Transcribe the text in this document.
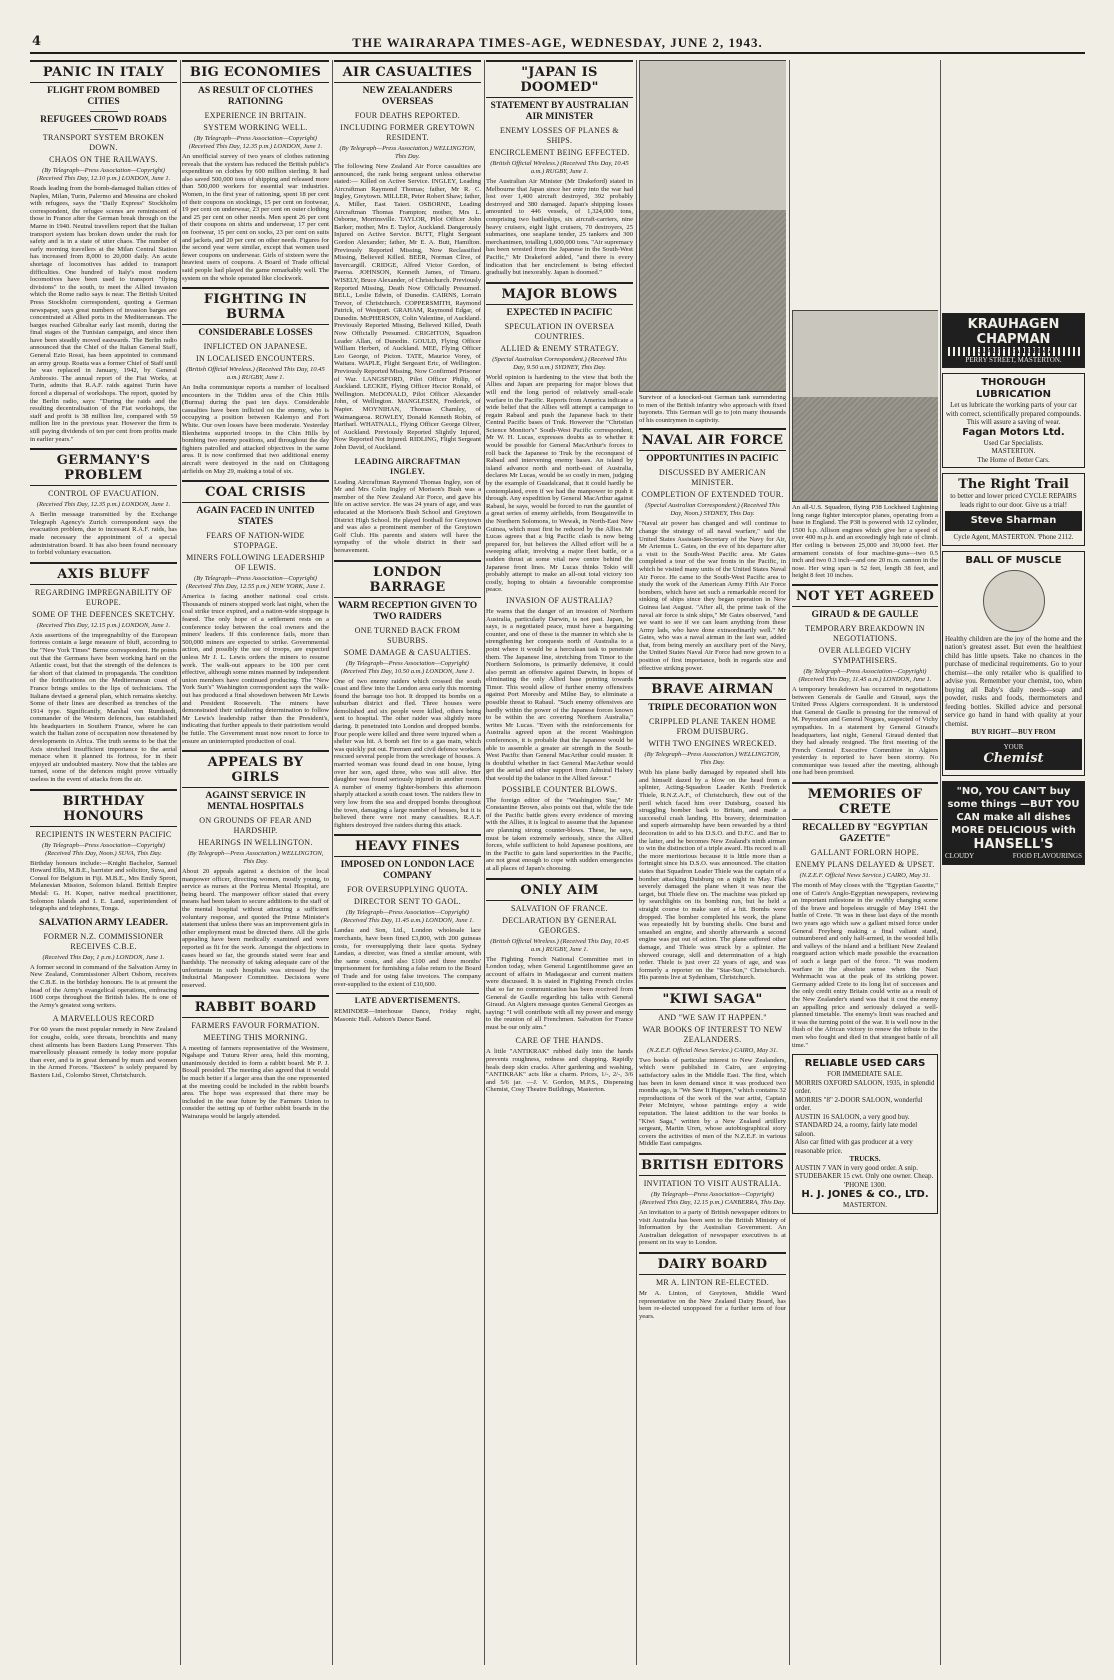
4	THE WAIRARAPA TIMES-AGE, WEDNESDAY, JUNE 2, 1943.
PANIC IN ITALY
FLIGHT FROM BOMBED CITIES
REFUGEES CROWD ROADS
TRANSPORT SYSTEM BROKEN DOWN.
CHAOS ON THE RAILWAYS.
(By Telegraph—Press Association—Copyright) (Received This Day, 12.10 p.m.) LONDON, June 1.

Roads leading from the bomb-damaged Italian cities of Naples, Milan, Turin, Palermo and Messina are choked with refugees, says the "Daily Express" Stockholm correspondent, the refugee scenes are reminiscent of those in France after the German break through on the Marne in 1940. Neutral travellers report that the Italian transport system has broken down under the rush for safety and is in a state of utter chaos. The number of early morning travellers at the Milan Central Station has increased from 8,000 to 20,000 daily. An acute shortage of locomotives has added to transport difficulties. One hundred of Italy's most modern locomotives have been used to transport "flying divisions" to the south, to meet the Allied invasion which the Rome radio says is near. The British United Press Stockholm correspondent, quoting a German newspaper, says great numbers of invasion barges are concentrated at Allied ports in the Mediterranean. The barges reached Gibraltar early last month, during the final stages of the Tunisian campaign, and since then have been steadily moved eastwards. The Berlin radio announced that the Chief of the Italian General Staff, General Ezio Rossi, has been appointed to command an army group. Roatta was a former Chief of Staff until he was replaced in January, 1942, by General Ambrosio. The annual report of the Fiat Works, at Turin, admits that R.A.F. raids against Turin have forced a dispersal of workshops. The report, quoted by the Berlin radio, says: "During the raids and the resulting decentralisation of the Fiat workshops, the staff and profit is 38 million lire, compared with 59 million lire in the previous year. However the firm is still paying dividends of ten per cent from profits made in earlier years."

GERMANY'S PROBLEM
CONTROL OF EVACUATION.
(Received This Day, 12.35 p.m.) LONDON, June 1.

A Berlin message transmitted by the Exchange Telegraph Agency's Zurich correspondent says the evacuation problem, due to incessant R.A.F. raids, has made necessary the appointment of a special administration board. It has also been found necessary to forbid voluntary evacuation.

AXIS BLUFF
REGARDING IMPREGNABILITY OF EUROPE.
SOME OF THE DEFENCES SKETCHY.
(Received This Day, 12.15 p.m.) LONDON, June 1.

Axis assertions of the impregnability of the European fortress contain a large measure of bluff, according to the "New York Times" Berne correspondent. He points out that the Germans have been working hard on the Atlantic coast, but that the strength of the defences is far short of that claimed in propaganda. The condition of the fortifications on the Mediterranean coast of France brings smiles to the lips of technicians. The Italians devised a general plan, which remains sketchy. Some of their lines are described as trenches of the 1914 type. Significantly, Marshal von Rundstedt, commander of the Western defences, has established his headquarters in Southern France, where he can watch the Italian zone of occupation now threatened by developments in Africa. The truth seems to be that the Axis stretched insufficient importance to the aerial menace when it planned its fortress, for in their enjoyed air undoubted mastery. Now that the tables are turned, some of the defences might prove virtually useless in the event of attacks from the air.

BIRTHDAY HONOURS
RECIPIENTS IN WESTERN PACIFIC
(By Telegraph—Press Association—Copyright) (Received This Day, Noon.) SUVA, This Day.

Birthday honours include:—Knight Bachelor, Samuel Howard Ellis, M.B.E., barrister and solicitor, Suva, and Consul for Belgium in Fiji. M.B.E., Mrs Emily Sprott, Melanesian Mission, Solomon Island. British Empire Medal: G. H. Kuper, native medical practitioner, Solomon Islands and I. E. Land, superintendent of telegraphs and telephones, Tonga.

SALVATION ARMY LEADER.
FORMER N.Z. COMMISSIONER RECEIVES C.B.E.
(Received This Day, 1 p.m.) LONDON, June 1.

A former second in command of the Salvation Army in New Zealand, Commissioner Albert Osborn, receives the C.B.E. in the birthday honours. He is at present the head of the Army's evangelical operations, embracing 1600 corps throughout the British Isles. He is one of the Army's greatest song writers.

A MARVELLOUS RECORD

For 60 years the most popular remedy in New Zealand for coughs, colds, sore throats, bronchitis and many chest ailments has been Baxters Lung Preserver. This marvellously pleasant remedy is today more popular than ever, and is in great demand by mum and women in the Armed Forces. "Baxters" is solely prepared by Baxters Ltd., Colombo Street, Christchurch.

BIG ECONOMIES
AS RESULT OF CLOTHES RATIONING
EXPERIENCE IN BRITAIN.
SYSTEM WORKING WELL.
(By Telegraph—Press Association—Copyright) (Received This Day, 12.35 p.m.) LONDON, June 1.

An unofficial survey of two years of clothes rationing reveals that the system has reduced the British public's expenditure on clothes by 600 million sterling. It had also saved 500,000 tons of shipping and released more than 500,000 workers for essential war industries. Women, in the first year of rationing, spent 18 per cent of their coupons on stockings, 15 per cent on footwear, 19 per cent on underwear, 23 per cent on outer clothing and 25 per cent on other needs. Men spent 26 per cent of their coupons on shirts and underwear, 17 per cent on footwear, 15 per cent on socks, 23 per cent on suits and jackets, and 20 per cent on other needs. Figures for the second year were similar, except that women used fewer coupons on underwear. Girls of sixteen were the heaviest users of coupons. A Board of Trade official said people had played the game remarkably well. The system on the whole operated like clockwork.

FIGHTING IN BURMA
CONSIDERABLE LOSSES
INFLICTED ON JAPANESE.
IN LOCALISED ENCOUNTERS.
(British Official Wireless.) (Received This Day, 10.45 a.m.) RUGBY, June 1.

An India communique reports a number of localised encounters in the Tiddim area of the Chin Hills (Burma) during the past ten days. Considerable casualties have been inflicted on the enemy, who is occupying a position between Kalemyo and Fort White. Our own losses have been moderate. Yesterday Blenheims supported troops in the Chin Hills by bombing two enemy positions, and throughout the day fighters patrolled and attacked objectives in the same area. It is now confirmed that two additional enemy aircraft were destroyed in the raid on Chittagong airfields on May 29, making a total of six.

COAL CRISIS
AGAIN FACED IN UNITED STATES
FEARS OF NATION-WIDE STOPPAGE.
MINERS FOLLOWING LEADERSHIP OF LEWIS.
(By Telegraph—Press Association—Copyright) (Received This Day, 12.55 p.m.) NEW YORK, June 1.

America is facing another national coal crisis. Thousands of miners stopped work last night, when the coal strike truce expired, and a nation-wide stoppage is feared. The only hope of a settlement rests on a conference today between the coal owners and the miners' leaders. If this conference fails, more than 500,000 miners are expected to strike. Governmental action, and possibly the use of troops, are expected unless Mr J. L. Lewis orders the miners to resume work. The walk-out appears to be 100 per cent effective, although some mines manned by independent union members have continued producing. The "New York Sun's" Washington correspondent says the walk-out has produced a final showdown between Mr Lewis and President Roosevelt. The miners have demonstrated their unfaltering determination to follow Mr Lewis's leadership rather than the President's, indicating that further appeals to their patriotism would be futile. The Government must now resort to force to ensure an uninterrupted production of coal.

APPEALS BY GIRLS
AGAINST SERVICE IN MENTAL HOSPITALS
ON GROUNDS OF FEAR AND HARDSHIP.
HEARINGS IN WELLINGTON.
(By Telegraph—Press Association.) WELLINGTON, This Day.

About 20 appeals against a decision of the local manpower officer, directing women, mostly young, to service as nurses at the Porirua Mental Hospital, are being heard. The manpower officer stated that every means had been taken to secure additions to the staff of the mental hospital without attracting a sufficient voluntary response, and quoted the Prime Minister's statement that unless there was an improvement girls in other employment must be directed there. All the girls appealing have been medically examined and were reported as fit for the work. Amongst the objections in cases heard so far, the grounds stated were fear and hardship. The necessity of taking adequate care of the unfortunate in such hospitals was stressed by the Industrial Manpower Committee. Decisions were reserved.

RABBIT BOARD
FARMERS FAVOUR FORMATION.
MEETING THIS MORNING.

A meeting of farmers representative of the Westmere, Ngahape and Tuturu River area, held this morning, unanimously decided to form a rabbit board. Mr P. J. Boxall presided. The meeting also agreed that it would be much better if a larger area than the one represented at the meeting could be included in the rabbit board's area. The hope was expressed that there may be included in the near future by the Farmers Union to consider the setting up of further rabbit boards in the Wairarapa would be largely attended.

AIR CASUALTIES
NEW ZEALANDERS OVERSEAS
FOUR DEATHS REPORTED.
INCLUDING FORMER GREYTOWN RESIDENT.
(By Telegraph—Press Association.) WELLINGTON, This Day.

The following New Zealand Air Force casualties are announced, the rank being sergeant unless otherwise stated:— Killed on Active Service. INGLEY, Leading Aircraftman Raymond Thomas; father, Mr R. C. Ingley, Greytown. MILLER, Peter Robert Shaw; father, A. Miller, East Taieri. OSBORNE, Leading Aircraftman Thomas Frampton; mother, Mrs L. Osborne, Morrinsville. TAYLOR, Pilot Officer John Barker; mother, Mrs E. Taylor, Auckland. Dangerously Injured on Active Service. BUTT, Flight Sergeant Gordon Alexander; father, Mr E. A. Butt, Hamilton. Previously Reported Missing, Now Reclassified Missing, Believed Killed. BEER, Norman Clive, of Invercargill. CRIDGE, Alfred Victor Gordon, of Paeroa. JOHNSON, Kenneth James, of Timaru. WISELY, Bruce Alexander, of Christchurch. Previously Reported Missing, Death Now Officially Presumed. BELL, Leslie Edwin, of Dunedin. CAIRNS, Lorrain Trevor, of Christchurch. COPPERSMITH, Raymond Patrick, of Westport. GRAHAM, Raymond Edgar, of Dunedin. McPHERSON, Colin Valentine, of Auckland. Previously Reported Missing, Believed Killed, Death Now Officially Presumed. CRIGHTON, Squadron Leader Allan, of Dunedin. GOULD, Flying Officer William Herbert, of Auckland. MEE, Flying Officer Leo George, of Picton. TATE, Maurice Vorey, of Waitara. WAPLE, Flight Sergeant Eric, of Wellington. Previously Reported Missing, Now Confirmed Prisoner of War. LANGSFORD, Pilot Officer Philip, of Auckland. LECKIE, Flying Officer Hector Ronald, of Wellington. McDONALD, Pilot Officer Alexander John, of Wellington. MANGLESEN, Frederick, of Napier. MOYNIHAN, Thomas Chamley, of Waimangaroa. ROWLEY, Donald Kenneth Robin, of Hariharl. WHATNALL, Flying Officer George Oliver, of Auckland. Previously Reported Slightly Injured, Now Reported Not Injured. RIDLING, Flight Sergeant John David, of Auckland.

LEADING AIRCRAFTMAN INGLEY.

Leading Aircraftman Raymond Thomas Ingley, son of Mr and Mrs Colin Ingley of Morison's Bush was a member of the New Zealand Air Force, and gave his life on active service. He was 24 years of age, and was educated at the Morison's Bush School and Greytown District High School. He played football for Greytown and was also a prominent member of the Greytown Golf Club. His parents and sisters will have the sympathy of the whole district in their sad bereavement.

LONDON BARRAGE
WARM RECEPTION GIVEN TO TWO RAIDERS
ONE TURNED BACK FROM SUBURBS.
SOME DAMAGE & CASUALTIES.
(By Telegraph—Press Association—Copyright) (Received This Day, 10.50 a.m.) LONDON, June 1.

One of two enemy raiders which crossed the south coast and flew into the London area early this morning found the barrage too hot. It dropped its bombs on a suburban district and fled. Three houses were demolished and six people were killed, others being sent to hospital. The other raider was slightly more daring. It penetrated into London and dropped bombs. Four people were killed and three were injured when a shelter was hit. A bomb set fire to a gas main, which was quickly put out. Firemen and civil defence workers rescued several people from the wreckage of houses. A married woman was found dead in one house, lying over her son, aged three, who was still alive. Her daughter was found seriously injured in another room. A number of enemy fighter-bombers this afternoon sharply attacked a south coast town. The raiders flew in very low from the sea and dropped bombs throughout the town, damaging a large number of houses, but it is believed there were not many casualties. R.A.F. fighters destroyed five raiders during this attack.

HEAVY FINES
IMPOSED ON LONDON LACE COMPANY
FOR OVERSUPPLYING QUOTA.
DIRECTOR SENT TO GAOL.
(By Telegraph—Press Association—Copyright) (Received This Day, 11.45 a.m.) LONDON, June 1.

Landau and Son, Ltd., London wholesale lace merchants, have been fined £3,800, with 200 guineas costs, for oversupplying their lace quota. Sydney Landau, a director, was fined a similar amount, with the same costs, and also £100 and three months' imprisonment for furnishing a false return to the Board of Trade and for using false invoices. The company over-supplied to the extent of £10,600.

LATE ADVERTISEMENTS.

REMINDER—Interhouse Dance, Friday night, Masonic Hall. Ashton's Dance Band.

"JAPAN IS DOOMED"
STATEMENT BY AUSTRALIAN AIR MINISTER
ENEMY LOSSES OF PLANES & SHIPS.
ENCIRCLEMENT BEING EFFECTED.
(British Official Wireless.) (Received This Day, 10.45 a.m.) RUGBY, June 1.

The Australian Air Minister (Mr Drakeford) stated in Melbourne that Japan since her entry into the war had lost over 1,400 aircraft destroyed, 392 probably destroyed and 380 damaged. Japan's shipping losses amounted to 446 vessels, of 1,324,000 tons, comprising two battleships, six aircraft-carriers, nine heavy cruisers, eight light cruisers, 70 destroyers, 25 submarines, one seaplane tender, 25 tankers and 300 merchantmen, totalling 1,600,000 tons. "Air supremacy has been wrested from the Japanese in the South-West Pacific," Mr Drakeford added, "and there is every indication that her encirclement is being effected gradually but inexorably. Japan is doomed."

MAJOR BLOWS
EXPECTED IN PACIFIC
SPECULATION IN OVERSEA COUNTRIES.
ALLIED & ENEMY STRATEGY.
(Special Australian Correspondent.) (Received This Day, 9.50 a.m.) SYDNEY, This Day.

World opinion is hardening to the view that both the Allies and Japan are preparing for major blows that will end the long period of relatively small-scale warfare in the Pacific. Reports from America indicate a wide belief that the Allies will attempt a campaign to regain Rabaul and push the Japanese back to their Central Pacific bases of Truk. However the "Christian Science Monitor's" South-West Pacific correspondent, Mr W. H. Lucas, expresses doubts as to whether it would be possible for General MacArthur's forces to roll back the Japanese to Truk by the reconquest of Rabaul and intervening enemy bases. An island by island advance north and north-east of Australia, declares Mr Lucas, would be so costly in men, judging by the example of Guadalcanal, that it could hardly be contemplated, even if we had the manpower to push it through. Any expedition by General MacArthur against Rabaul, he says, would be forced to run the gauntlet of a great series of enemy airfields, from Bougainville in the Northern Solomons, to Wewak, in North-East New Guinea, which must first be reduced by the Allies. Mr Lucas agrees that a big Pacific clash is now being prepared for, but believes the Allied effort will be a sweeping affair, involving a major fleet battle, or a sudden thrust at some vital new centre behind the Japanese front lines. Mr Lucas thinks Tokio will probably attempt to make an all-out total victory too costly, hoping to obtain a favourable compromise peace.

INVASION OF AUSTRALIA?

He warns that the danger of an invasion of Northern Australia, particularly Darwin, is not past. Japan, he says, is a negotiated peace, must have a bargaining counter, and one of these is the manner in which she is strengthening her conquests north of Australia to a point where it would be a herculean task to penetrate them. The Japanese line, stretching from Timor to the Northern Solomons, is primarily defensive, it could also permit an offensive against Darwin, in hopes of eliminating the only Allied base pointing towards Timor. This would allow of further enemy offensives against Port Moresby and Milne Bay, to eliminate a possible threat to Rabaul. "Such enemy offensives are hardly within the power of the Japanese forces known to be within the arc covering Northern Australia," writes Mr Lucas. "Even with the reinforcements for Australia agreed upon at the recent Washington conferences, it is probable that the Japanese would be able to assemble a greater air strength in the South-West Pacific than General MacArthur could muster. It is doubtful whether in fact General MacArthur would get the aerial and other support from Admiral Halsey that would tip the balance in the Allied favour."

POSSIBLE COUNTER BLOWS.

The foreign editor of the "Washington Star," Mr Constantine Brown, also points out that, while the tide of the Pacific battle gives every evidence of moving with the Allies, it is logical to assume that the Japanese are planning strong counter-blows. These, he says, must be taken extremely seriously, since the Allied forces, while sufficient to hold Japanese positions, are in the Pacific to gain land superiorities in the Pacific, are not great enough to cope with sudden emergencies at all places of Japan's choosing.

ONLY AIM
SALVATION OF FRANCE.
DECLARATION BY GENERAL GEORGES.
(British Official Wireless.) (Received This Day, 10.45 a.m.) RUGBY, June 1.

The Fighting French National Committee met in London today, when General Legentilhomme gave an account of affairs in Madagascar and current matters were discussed. It is stated in Fighting French circles that so far no communication has been received from General de Gaulle regarding his talks with General Giraud. An Algiers message quotes General Georges as saying: "I will contribute with all my power and energy to the reunion of all Frenchmen. Salvation for France must be our only aim."

CARE OF THE HANDS.

A little "ANTIKRAK" rubbed daily into the hands prevents roughness, redness and chapping. Rapidly heals deep skin cracks. After gardening and washing, "ANTIKRAK" acts like a charm. Prices, 1/-, 2/-, 3/6 and 5/6 jar. —J. V. Gordon, M.P.S., Dispensing Chemist, Cosy Theatre Buildings, Masterton.

Survivor of a knocked-out German tank surrendering to men of the British infantry who approach with fixed bayonets. This German will go to join many thousands of his countrymen in captivity.
NAVAL AIR FORCE
OPPORTUNITIES IN PACIFIC
DISCUSSED BY AMERICAN MINISTER.
COMPLETION OF EXTENDED TOUR.
(Special Australian Correspondent.) (Received This Day, Noon.) SYDNEY, This Day.

"Naval air power has changed and will continue to change the strategy of all naval warfare," said the United States Assistant-Secretary of the Navy for Air, Mr Artemus L. Gates, on the eve of his departure after a visit to the South-West Pacific area. Mr Gates completed a tour of the war fronts in the Pacific, in which he visited many units of the United States Naval Air Force. He came to the South-West Pacific area to study the work of the American Army Fifth Air Force bombers, which have set such a remarkable record for sinking of ships since they began operation in New Guinea last August. "After all, the prime task of the naval air force is sink ships," Mr Gates observed, "and we want to see if we can learn anything from these Army lads, who have done extraordinarily well." Mr Gates, who was a naval airman in the last war, added that, from being merely an auxiliary port of the Navy, the United States Naval Air Force had now grown to a position of first importance, both in regards size and effective striking power.

BRAVE AIRMAN
TRIPLE DECORATION WON
CRIPPLED PLANE TAKEN HOME FROM DUISBURG.
WITH TWO ENGINES WRECKED.
(By Telegraph—Press Association.) WELLINGTON, This Day.

With his plane badly damaged by repeated shell hits and himself dazed by a blow on the head from a splinter, Acting-Squadron Leader Keith Frederick Thiele, R.N.Z.A.F., of Christchurch, flew out of the peril which faced him over Duisburg, coaxed his struggling bomber back to Britain, and made a successful crash landing. His bravery, determination and superb airmanship have been rewarded by a third decoration to add to his D.S.O. and D.F.C. and Bar to the latter, and he becomes New Zealand's ninth airman to win the distinction of a triple award. His record is all the more meritorious because it is little more than a fortnight since his D.S.O. was announced. The citation states that Squadron Leader Thiele was the captain of a bomber attacking Duisburg on a night in May. Flak severely damaged the plane when it was near the target, but Thiele flew on. The machine was picked up by searchlights on its bombing run, but he held a straight course to make sure of a hit. Bombs were dropped. The bomber completed his work, the plane was repeatedly hit by bursting shells. One burst and smashed an engine, and shortly afterwards a second engine was put out of action. The plane suffered other damage, and Thiele was struck by a splinter. He showed courage, skill and determination of a high order. Thiele is just over 22 years of age, and was formerly a reporter on the "Star-Sun," Christchurch. His parents live at Sydenham, Christchurch.

"KIWI SAGA"
AND "WE SAW IT HAPPEN."
WAR BOOKS OF INTEREST TO NEW ZEALANDERS.
(N.Z.E.F. Official News Service.) CAIRO, May 31.

Two books of particular interest to New Zealanders, which were published in Cairo, are enjoying satisfactory sales in the Middle East. The first, which has been in keen demand since it was produced two months ago, is "We Saw It Happen," which contains 32 reproductions of the work of the war artist, Captain Peter McIntyre, whose paintings enjoy a wide reputation. The latest addition to the war books is "Kiwi Saga," written by a New Zealand artillery sergeant, Martin Uren, whose autobiographical story covers the activities of men of the N.Z.E.F. in various Middle East campaigns.

BRITISH EDITORS
INVITATION TO VISIT AUSTRALIA.
(By Telegraph—Press Association—Copyright) (Received This Day, 12.15 p.m.) CANBERRA, This Day.

An invitation to a party of British newspaper editors to visit Australia has been sent to the British Ministry of Information by the Australian Government. An Australian delegation of newspaper executives is at present on its way to London.

DAIRY BOARD
MR A. LINTON RE-ELECTED.

Mr A. Linton, of Greytown, Middle Ward representative on the New Zealand Dairy Board, has been re-elected unopposed for a further term of four years.

An all-U.S. Squadron, flying P38 Lockheed Lightning long range fighter interceptor planes, operating from a base in England. The P38 is powered with 12 cylinder, 1500 h.p. Allison engines which give her a speed of over 400 m.p.h. and an exceedingly high rate of climb. Her ceiling is between 25,000 and 39,000 feet. Her armament consists of four machine-guns—two 0.5 inch and two 0.3 inch—and one 20 m.m. cannon in the nose. Her wing span is 52 feet, length 38 feet, and height 8 feet 10 inches.
NOT YET AGREED
GIRAUD & DE GAULLE
TEMPORARY BREAKDOWN IN NEGOTIATIONS.
OVER ALLEGED VICHY SYMPATHISERS.
(By Telegraph—Press Association—Copyright) (Received This Day, 11.45 a.m.) LONDON, June 1.

A temporary breakdown has occurred in negotiations between Generals de Gaulle and Giraud, says the United Press Algiers correspondent. It is understood that General de Gaulle is pressing for the removal of M. Peyrouton and General Nogues, suspected of Vichy sympathies. In a statement by General Giraud's headquarters, last night, General Giraud denied that they had already resigned. The first meeting of the French Central Executive Committee in Algiers yesterday is reported to have been stormy. No communique was issued after the meeting, although one had been promised.

MEMORIES OF CRETE
RECALLED BY "EGYPTIAN GAZETTE"
GALLANT FORLORN HOPE.
ENEMY PLANS DELAYED & UPSET.
(N.Z.E.F. Official News Service.) CAIRO, May 31.

The month of May closes with the "Egyptian Gazette," one of Cairo's Anglo-Egyptian newspapers, reviewing an important milestone in the swiftly changing scene of the brave and hopeless struggle of May 1941 the battle of Crete. "It was in these last days of the month two years ago which saw a gallant mixed force under General Freyberg making a final valiant stand, outnumbered and only half-armed, in the wooded hills and valleys of the island and a brilliant New Zealand rearguard action which made possible the evacuation of such a large part of the force. "It was modern warfare in the absolute sense when the Nazi Wehrmacht was at the peak of its striking power. Germany added Crete to its long list of successes and the only credit entry Britain could write as a result of the New Zealander's stand was that it cost the enemy an appalling price and seriously delayed a well-planned timetable. The enemy's limit was reached and it was the turning point of the war. It is well now in the flush of the African victory to renew the tribute to the men who fought and died in that strangest battle of all time."

RELIABLE USED CARS
FOR IMMEDIATE SALE.
MORRIS OXFORD SALOON, 1935, in splendid order.
MORRIS "8" 2-DOOR SALOON, wonderful order.
AUSTIN 16 SALOON, a very good buy.
STANDARD 24, a roomy, fairly late model saloon.
Also car fitted with gas producer at a very reasonable price.
TRUCKS.
AUSTIN 7 VAN in very good order. A snip.
STUDEBAKER 15 cwt. Only one owner. Cheap.
'PHONE 1300.
H. J. JONES & CO., LTD.
MASTERTON.
KRAUHAGEN
CHAPMAN
QUALITY TAILORING
PERRY STREET, MASTERTON.
THOROUGH LUBRICATION
Let us lubricate the working parts of your car with correct, scientifically prepared compounds. This will assure a saving of wear.
Fagan Motors Ltd.
Used Car Specialists.
MASTERTON.
The Home of Better Cars.
The Right Trail
to better and lower priced CYCLE REPAIRS leads right to our door. Give us a trial!
Steve Sharman
Cycle Agent, MASTERTON. 'Phone 2112.
BALL OF MUSCLE
Healthy children are the joy of the home and the nation's greatest asset. But even the healthiest child has little upsets. Take no chances in the purchase of medicinal requirements. Go to your chemist—the only retailer who is qualified to advise you. Remember your chemist, too, when buying all Baby's daily needs—soap and powder, rusks and foods, thermometers and feeding bottles. Skilled advice and personal service go hand in hand with quality at your chemist.
BUY RIGHT—BUY FROM
YOUR
Chemist
"NO, YOU CAN'T buy some things —BUT YOU CAN make all dishes MORE DELICIOUS with
HANSELL'S
CLOUDY	FOOD FLAVOURINGS
